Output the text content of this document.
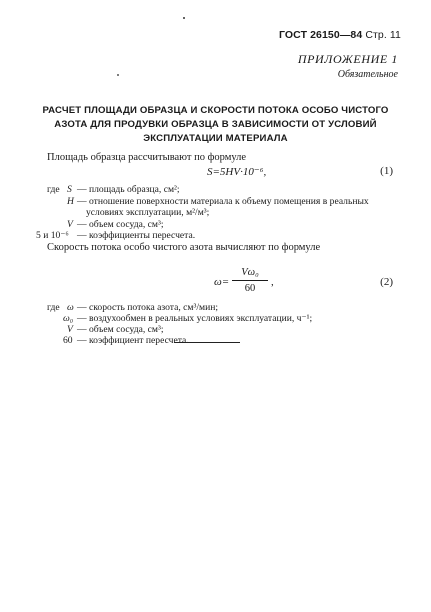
ГОСТ 26150—84 Стр. 11
ПРИЛОЖЕНИЕ 1
Обязательное
РАСЧЕТ ПЛОЩАДИ ОБРАЗЦА И СКОРОСТИ ПОТОКА ОСОБО ЧИСТОГО
АЗОТА ДЛЯ ПРОДУВКИ ОБРАЗЦА В ЗАВИСИМОСТИ ОТ УСЛОВИЙ
ЭКСПЛУАТАЦИИ МАТЕРИАЛА
Площадь образца рассчитывают по формуле
S=5HV·10⁻⁶,	(1)
где S — площадь образца, см²;
H — отношение поверхности материала к объему помещения в реальных
условиях эксплуатации, м²/м³;
V — объем сосуда, см³;
5 и 10⁻⁶ — коэффициенты пересчета.
Скорость потока особо чистого азота вычисляют по формуле
ω=
Vω₀
60
,	(2)
где ω — скорость потока азота, см³/мин;
ω₀ — воздухообмен в реальных условиях эксплуатации, ч⁻¹;
V — объем сосуда, см³;
60 — коэффициент пересчета.
